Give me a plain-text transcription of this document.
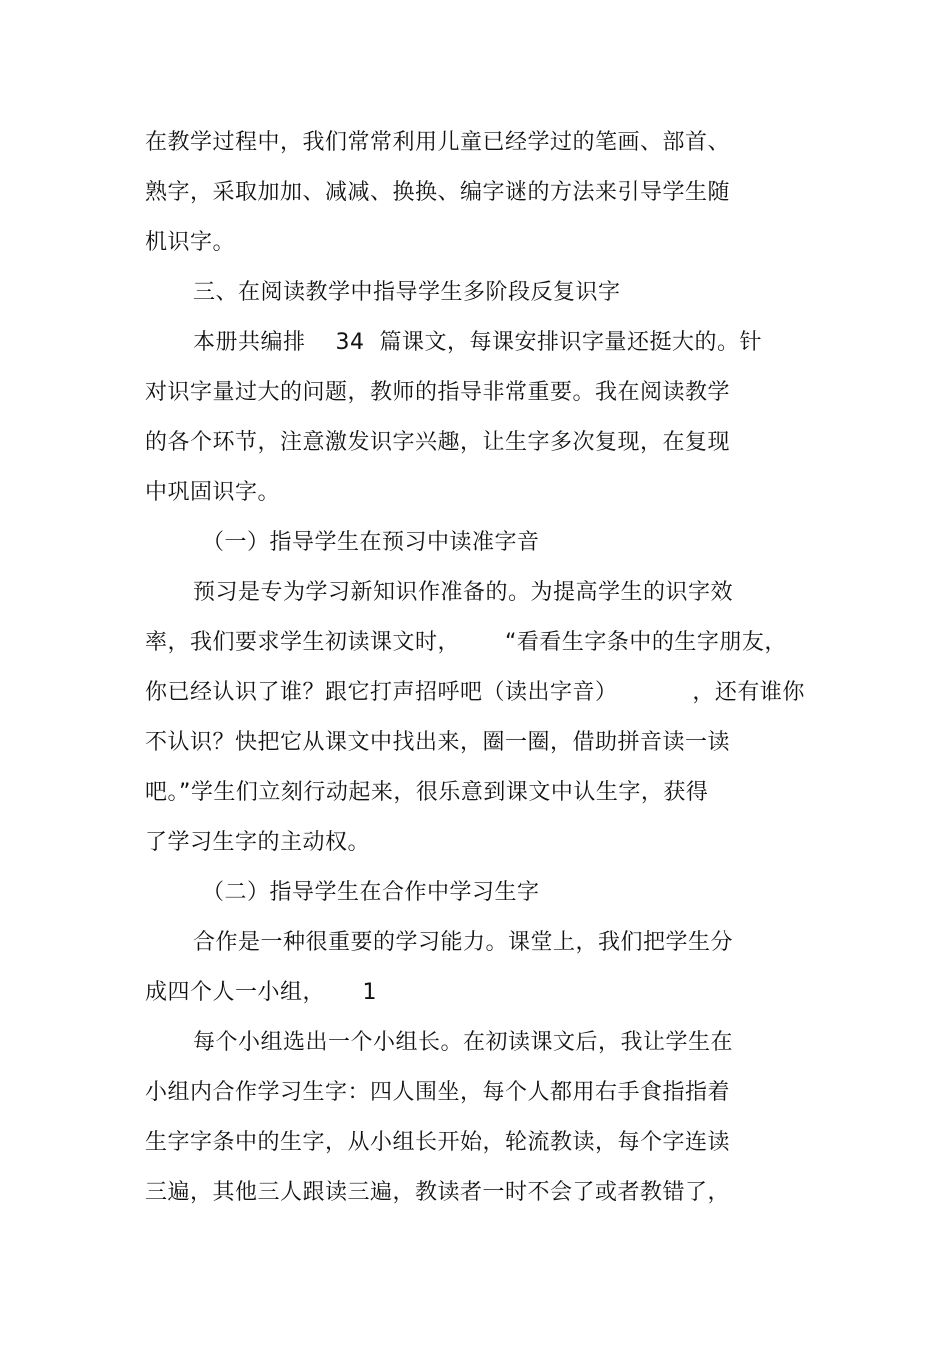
在教学过程中，我们常常利用儿童已经学过的笔画、部首、
熟字，采取加加、减减、换换、编字谜的方法来引导学生随
机识字。
三、在阅读教学中指导学生多阶段反复识字
本册共编排    34  篇课文，每课安排识字量还挺大的。针
对识字量过大的问题，教师的指导非常重要。我在阅读教学
的各个环节，注意激发识字兴趣，让生字多次复现，在复现
中巩固识字。
（一）指导学生在预习中读准字音
预习是专为学习新知识作准备的。为提高学生的识字效
率，我们要求学生初读课文时，      “看看生字条中的生字朋友，
你已经认识了谁？跟它打声招呼吧（读出字音）          ，还有谁你
不认识？快把它从课文中找出来，圈一圈，借助拼音读一读
吧。”学生们立刻行动起来，很乐意到课文中认生字，获得
了学习生字的主动权。
（二）指导学生在合作中学习生字
合作是一种很重要的学习能力。课堂上，我们把学生分
成四个人一小组，     1
每个小组选出一个小组长。在初读课文后，我让学生在
小组内合作学习生字：四人围坐，每个人都用右手食指指着
生字字条中的生字，从小组长开始，轮流教读，每个字连读
三遍，其他三人跟读三遍，教读者一时不会了或者教错了，
